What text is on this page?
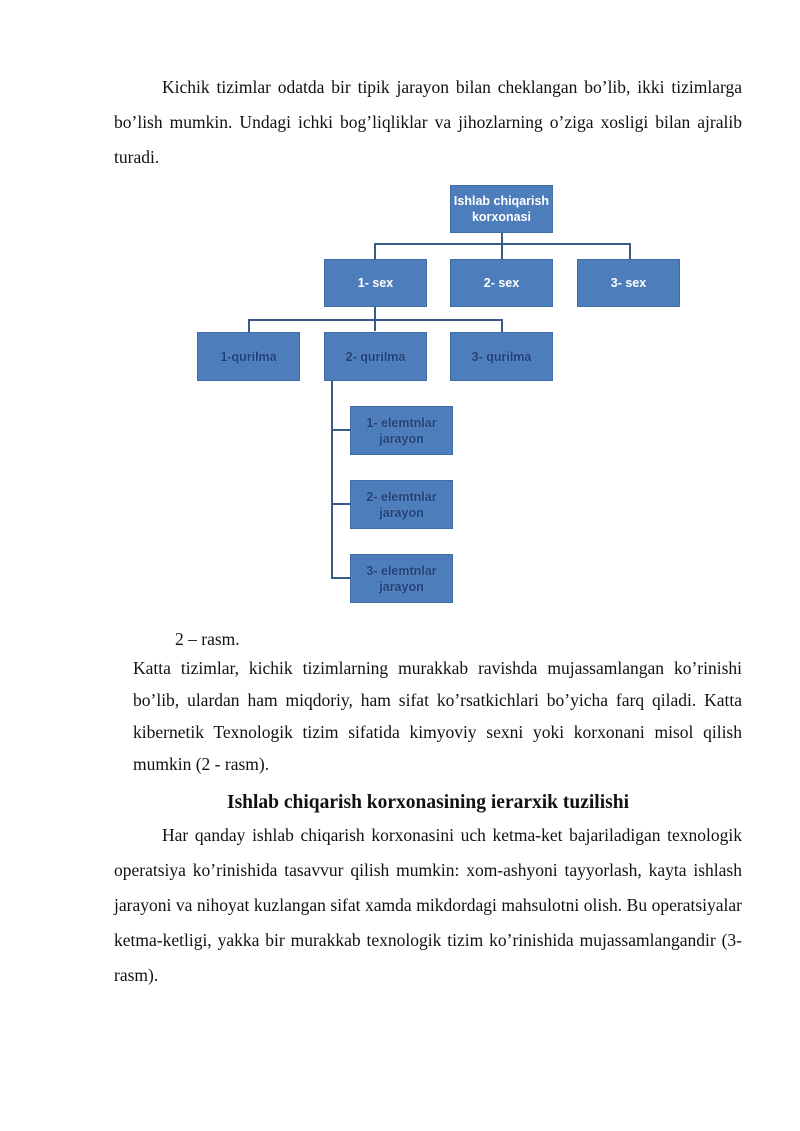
Kichik tizimlar odatda bir tipik jarayon bilan cheklangan bo’lib, ikki tizimlarga bo’lish mumkin. Undagi ichki bog’liqliklar va jihozlarning o’ziga xosligi bilan ajralib turadi.

Ishlab chiqarish korxonasi
1- sex	2- sex	3- sex
1-qurilma	2- qurilma	3- qurilma
1- elemtnlar jarayon
2- elemtnlar jarayon
3- elemtnlar jarayon

2 – rasm.

Katta tizimlar, kichik tizimlarning murakkab ravishda mujassamlangan ko’rinishi bo’lib, ulardan ham miqdoriy, ham sifat ko’rsatkichlari bo’yicha farq qiladi. Katta kibernetik Texnologik tizim sifatida kimyoviy sexni yoki korxonani misol qilish mumkin (2 - rasm).

Ishlab chiqarish korxonasining ierarxik tuzilishi

Har qanday ishlab chiqarish korxonasini uch ketma-ket bajariladigan texnologik operatsiya ko’rinishida tasavvur qilish mumkin: xom-ashyoni tayyorlash, kayta ishlash jarayoni va nihoyat kuzlangan sifat xamda mikdordagi mahsulotni olish. Bu operatsiyalar ketma-ketligi, yakka bir murakkab texnologik tizim ko’rinishida mujassamlangandir (3-rasm).
